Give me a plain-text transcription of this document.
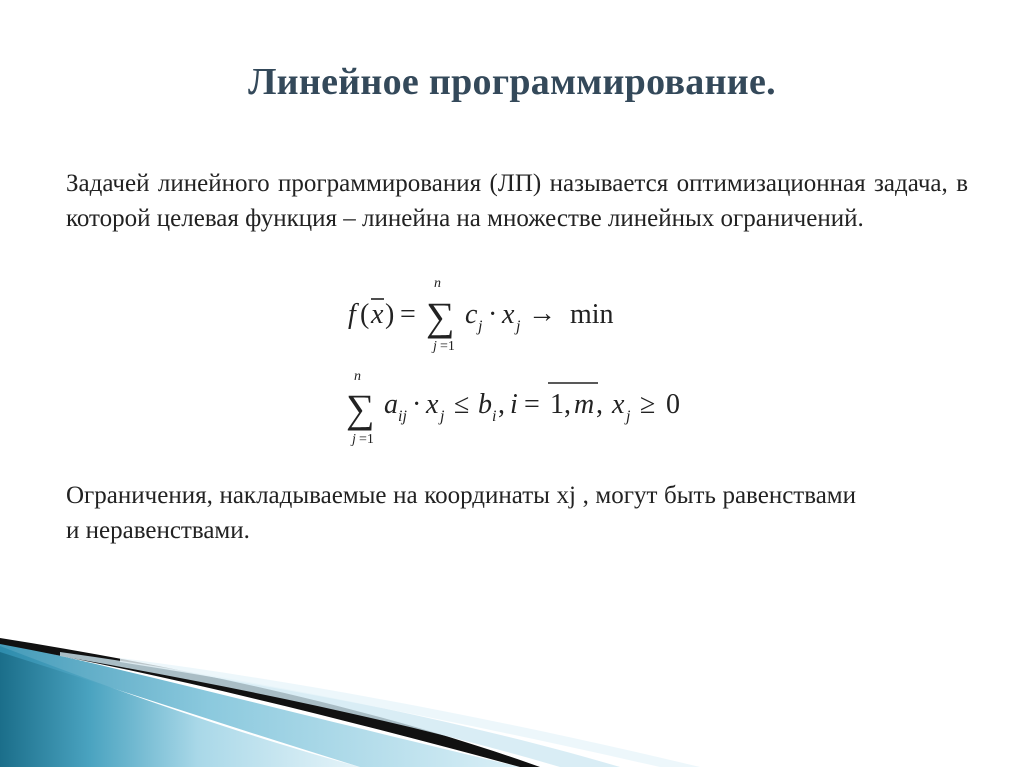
Линейное программирование.
Задачей линейного программирования (ЛП) называется оптимизационная задача, в которой целевая функция – линейна на множестве линейных ограничений.
f ( x ) =
n
∑
j =1
c j · x j → min
n
∑
j =1
a ij · x j ≤ b i , i = 1, m , x j ≥ 0
Ограничения, накладываемые на координаты xj , могут быть равенствами и неравенствами.
